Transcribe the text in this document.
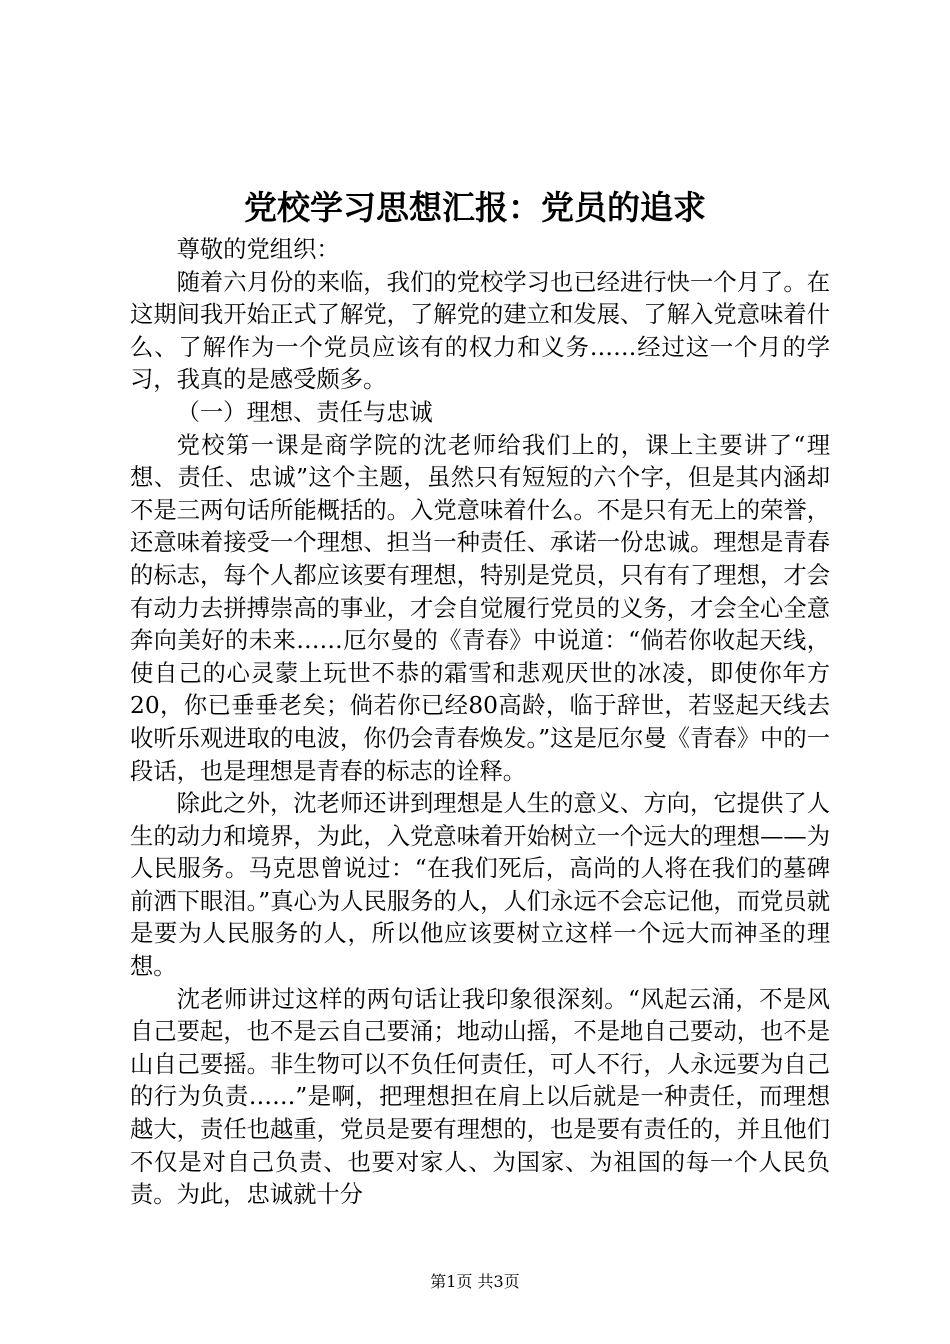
党校学习思想汇报：党员的追求

尊敬的党组织：

随着六月份的来临，我们的党校学习也已经进行快一个月了。在这期间我开始正式了解党，了解党的建立和发展、了解入党意味着什么、了解作为一个党员应该有的权力和义务……经过这一个月的学习，我真的是感受颇多。

（一）理想、责任与忠诚

党校第一课是商学院的沈老师给我们上的，课上主要讲了“理想、责任、忠诚”这个主题，虽然只有短短的六个字，但是其内涵却不是三两句话所能概括的。入党意味着什么。不是只有无上的荣誉，还意味着接受一个理想、担当一种责任、承诺一份忠诚。理想是青春的标志，每个人都应该要有理想，特别是党员，只有有了理想，才会有动力去拼搏崇高的事业，才会自觉履行党员的义务，才会全心全意奔向美好的未来……厄尔曼的《青春》中说道：“倘若你收起天线，使自己的心灵蒙上玩世不恭的霜雪和悲观厌世的冰凌，即使你年方20，你已垂垂老矣；倘若你已经80高龄，临于辞世，若竖起天线去收听乐观进取的电波，你仍会青春焕发。”这是厄尔曼《青春》中的一段话，也是理想是青春的标志的诠释。

除此之外，沈老师还讲到理想是人生的意义、方向，它提供了人生的动力和境界，为此，入党意味着开始树立一个远大的理想——为人民服务。马克思曾说过：“在我们死后，高尚的人将在我们的墓碑前洒下眼泪。”真心为人民服务的人，人们永远不会忘记他，而党员就是要为人民服务的人，所以他应该要树立这样一个远大而神圣的理想。

沈老师讲过这样的两句话让我印象很深刻。“风起云涌，不是风自己要起，也不是云自己要涌；地动山摇，不是地自己要动，也不是山自己要摇。非生物可以不负任何责任，可人不行，人永远要为自己的行为负责……”是啊，把理想担在肩上以后就是一种责任，而理想越大，责任也越重，党员是要有理想的，也是要有责任的，并且他们不仅是对自己负责、也要对家人、为国家、为祖国的每一个人民负责。为此，忠诚就十分

第1页 共3页
